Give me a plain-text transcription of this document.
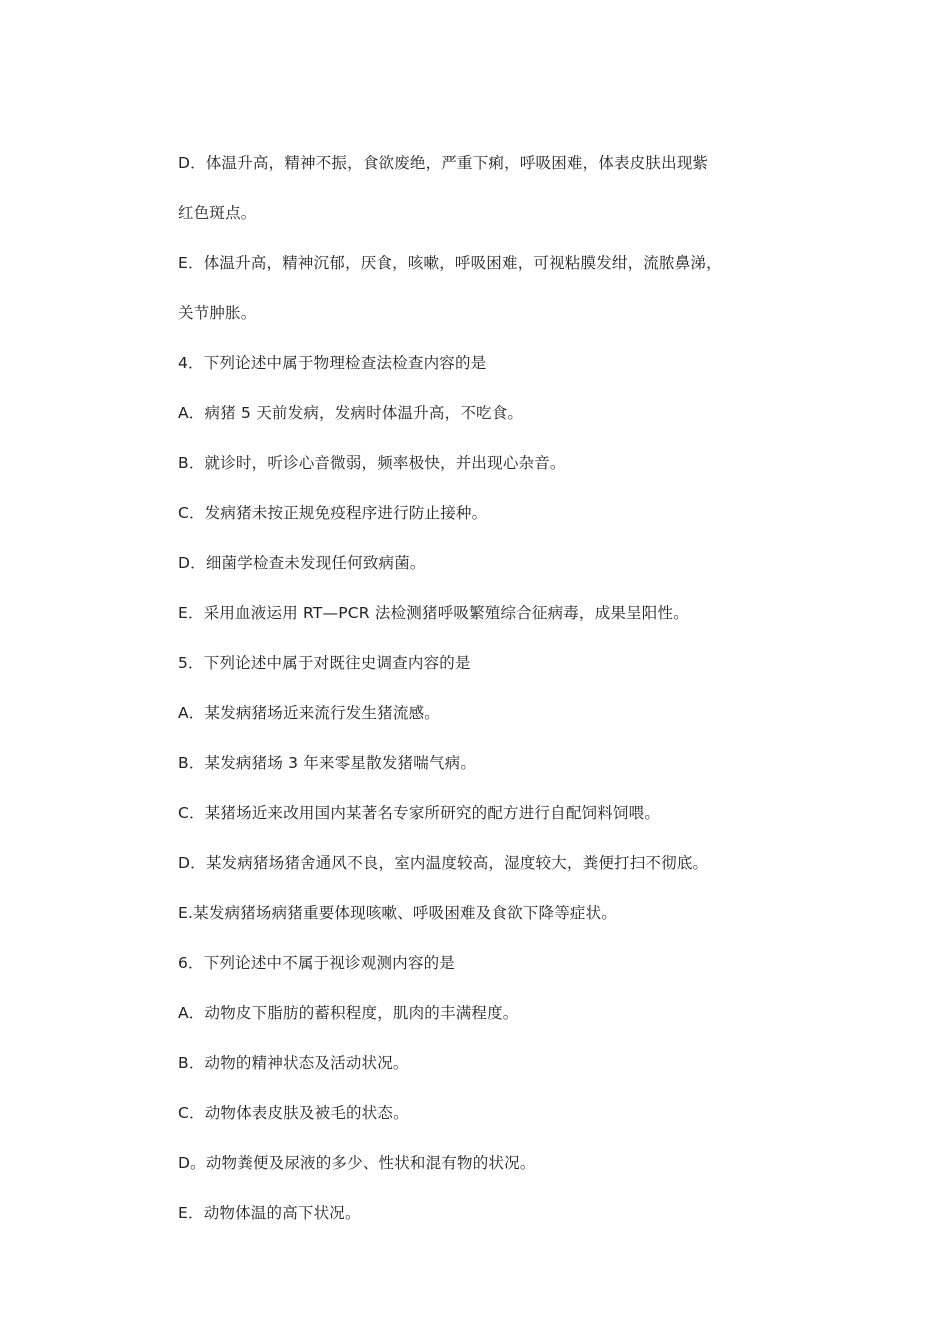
D．体温升高，精神不振，食欲废绝，严重下痢，呼吸困难，体表皮肤出现紫
红色斑点。
E．体温升高，精神沉郁，厌食，咳嗽，呼吸困难，可视粘膜发绀，流脓鼻涕，
关节肿胀。
4．下列论述中属于物理检查法检查内容的是
A．病猪 5 天前发病，发病时体温升高，不吃食。
B．就诊时，听诊心音微弱，频率极快，并出现心杂音。
C．发病猪未按正规免疫程序进行防止接种。
D．细菌学检查未发现任何致病菌。
E．采用血液运用 RT—PCR 法检测猪呼吸繁殖综合征病毒，成果呈阳性。
5．下列论述中属于对既往史调查内容的是
A．某发病猪场近来流行发生猪流感。
B．某发病猪场 3 年来零星散发猪喘气病。
C．某猪场近来改用国内某著名专家所研究的配方进行自配饲料饲喂。
D．某发病猪场猪舍通风不良，室内温度较高，湿度较大，粪便打扫不彻底。
E.某发病猪场病猪重要体现咳嗽、呼吸困难及食欲下降等症状。
6．下列论述中不属于视诊观测内容的是
A．动物皮下脂肪的蓄积程度，肌肉的丰满程度。
B．动物的精神状态及活动状况。
C．动物体表皮肤及被毛的状态。
D。动物粪便及尿液的多少、性状和混有物的状况。
E．动物体温的高下状况。
